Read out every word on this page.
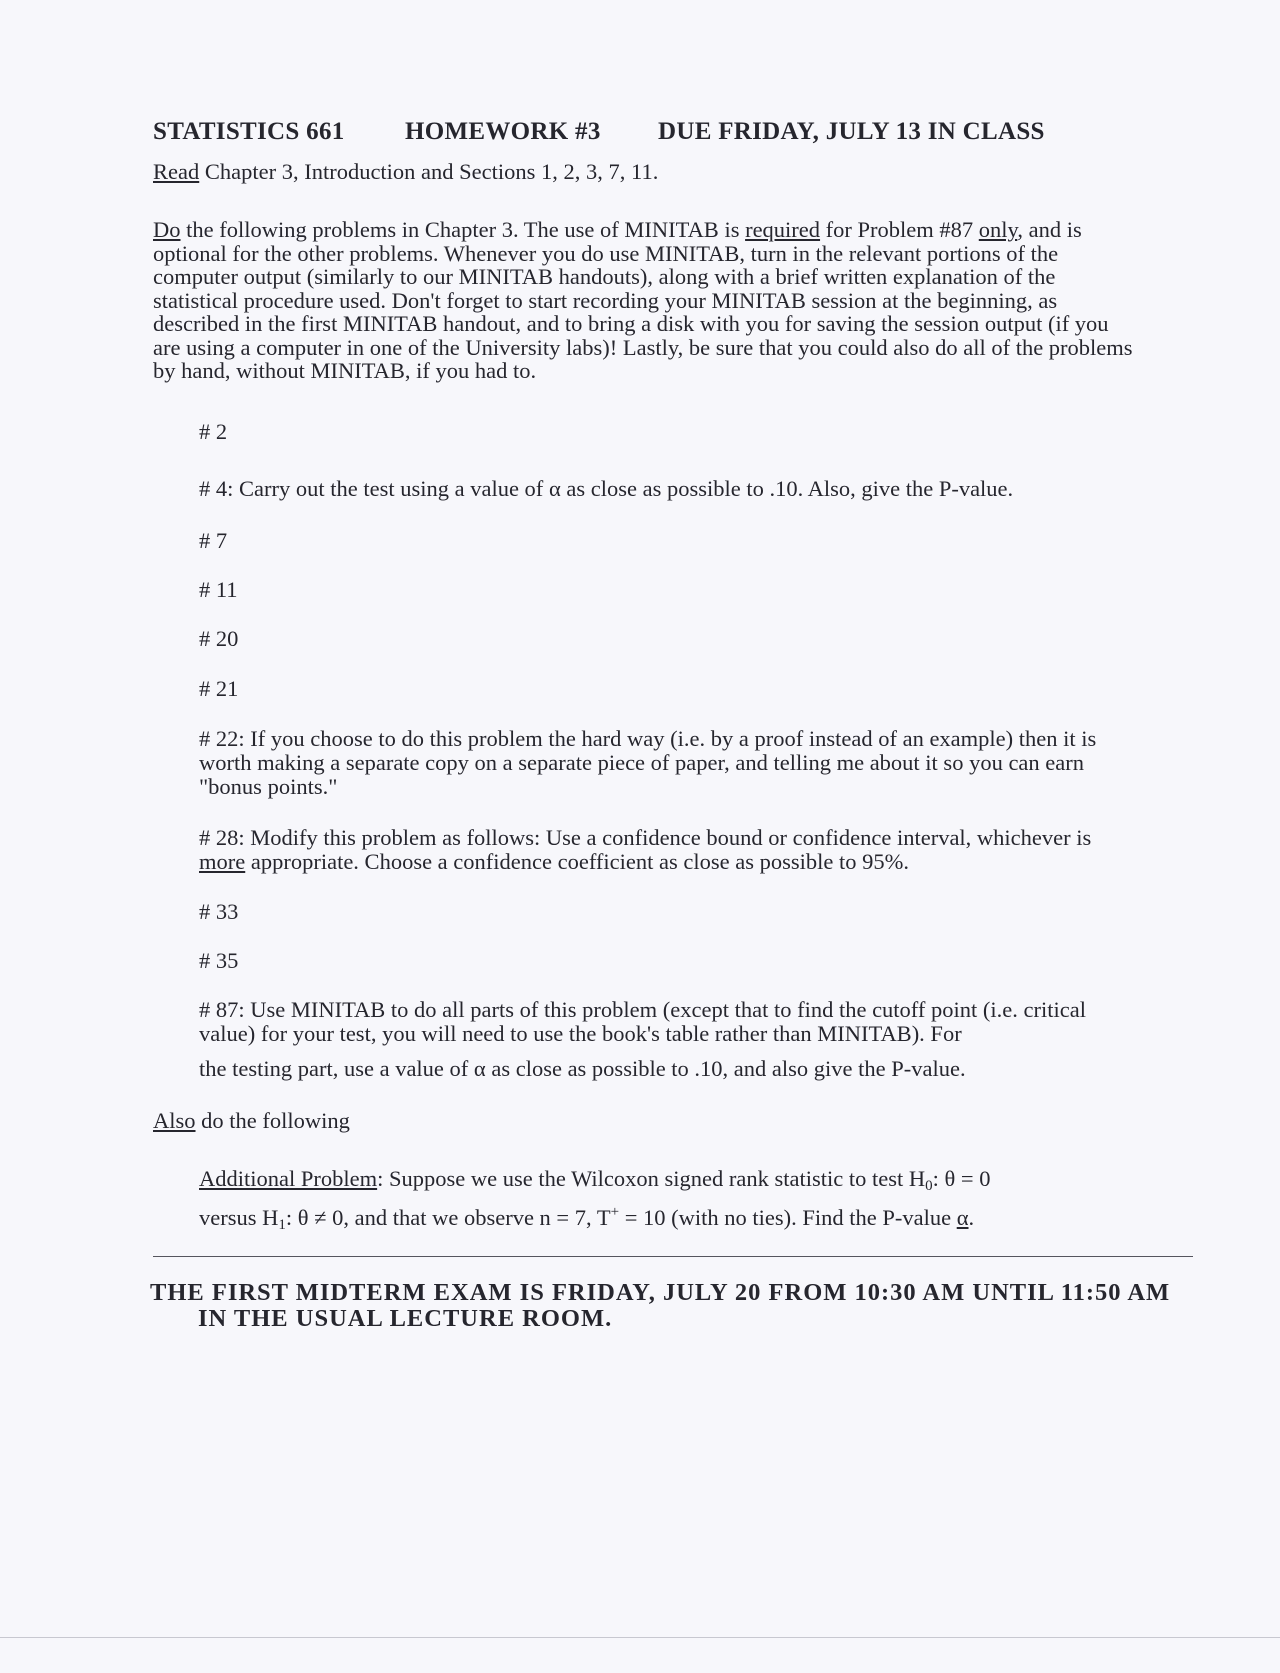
STATISTICS 661 HOMEWORK #3 DUE FRIDAY, JULY 13 IN CLASS
Read Chapter 3, Introduction and Sections 1, 2, 3, 7, 11.
Do the following problems in Chapter 3. The use of MINITAB is required for Problem #87 only, and is optional for the other problems. Whenever you do use MINITAB, turn in the relevant portions of the computer output (similarly to our MINITAB handouts), along with a brief written explanation of the statistical procedure used. Don't forget to start recording your MINITAB session at the beginning, as described in the first MINITAB handout, and to bring a disk with you for saving the session output (if you are using a computer in one of the University labs)! Lastly, be sure that you could also do all of the problems by hand, without MINITAB, if you had to.
# 2
# 4: Carry out the test using a value of α as close as possible to .10. Also, give the P-value.
# 7
# 11
# 20
# 21
# 22: If you choose to do this problem the hard way (i.e. by a proof instead of an example) then it is worth making a separate copy on a separate piece of paper, and telling me about it so you can earn "bonus points."
# 28: Modify this problem as follows: Use a confidence bound or confidence interval, whichever is more appropriate. Choose a confidence coefficient as close as possible to 95%.
# 33
# 35
# 87: Use MINITAB to do all parts of this problem (except that to find the cutoff point (i.e. critical value) for your test, you will need to use the book's table rather than MINITAB). For
the testing part, use a value of α as close as possible to .10, and also give the P-value.
Also do the following
Additional Problem: Suppose we use the Wilcoxon signed rank statistic to test $H_0$: θ = 0
versus $H_1$: θ ≠ 0, and that we observe n = 7, T+ = 10 (with no ties). Find the P-value α.
THE FIRST MIDTERM EXAM IS FRIDAY, JULY 20 FROM 10:30 AM UNTIL 11:50 AM
IN THE USUAL LECTURE ROOM.
